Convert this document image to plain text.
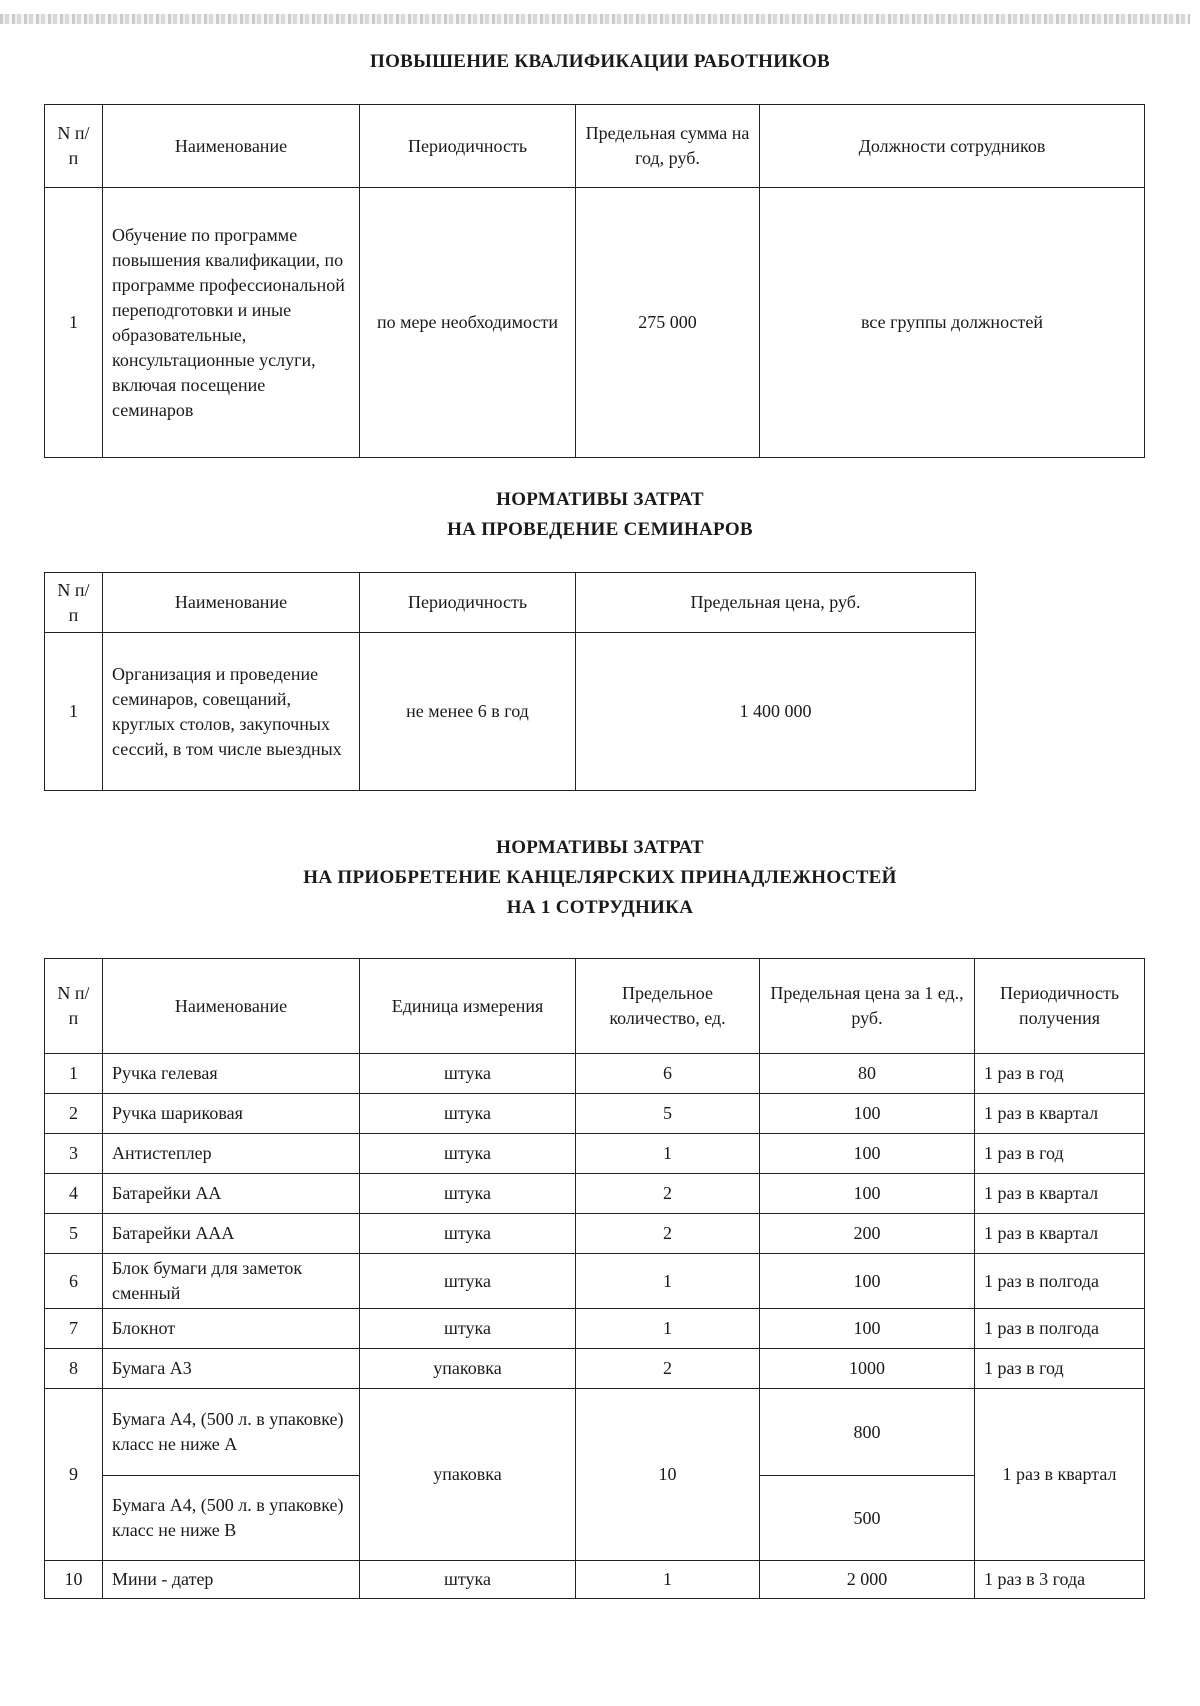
ПОВЫШЕНИЕ КВАЛИФИКАЦИИ РАБОТНИКОВ
N п/п	Наименование	Периодичность	Предельная сумма на год, руб.	Должности сотрудников
1	Обучение по программе повышения квалификации, по программе профессиональной переподготовки и иные образовательные, консультационные услуги, включая посещение семинаров	по мере необходимости	275 000	все группы должностей
НОРМАТИВЫ ЗАТРАТ
НА ПРОВЕДЕНИЕ СЕМИНАРОВ
N п/п	Наименование	Периодичность	Предельная цена, руб.
1	Организация и проведение семинаров, совещаний, круглых столов, закупочных сессий, в том числе выездных	не менее 6 в год	1 400 000
НОРМАТИВЫ ЗАТРАТ
НА ПРИОБРЕТЕНИЕ КАНЦЕЛЯРСКИХ ПРИНАДЛЕЖНОСТЕЙ
НА 1 СОТРУДНИКА
N п/п	Наименование	Единица измерения	Предельное количество, ед.	Предельная цена за 1 ед., руб.	Периодичность получения
1	Ручка гелевая	штука	6	80	1 раз в год
2	Ручка шариковая	штука	5	100	1 раз в квартал
3	Антистеплер	штука	1	100	1 раз в год
4	Батарейки АА	штука	2	100	1 раз в квартал
5	Батарейки ААА	штука	2	200	1 раз в квартал
6	Блок бумаги для заметок сменный	штука	1	100	1 раз в полгода
7	Блокнот	штука	1	100	1 раз в полгода
8	Бумага А3	упаковка	2	1000	1 раз в год
9	Бумага А4, (500 л. в упаковке) класс не ниже А	упаковка	10	800	1 раз в квартал
	Бумага А4, (500 л. в упаковке) класс не ниже В			500	
10	Мини - датер	штука	1	2 000	1 раз в 3 года
